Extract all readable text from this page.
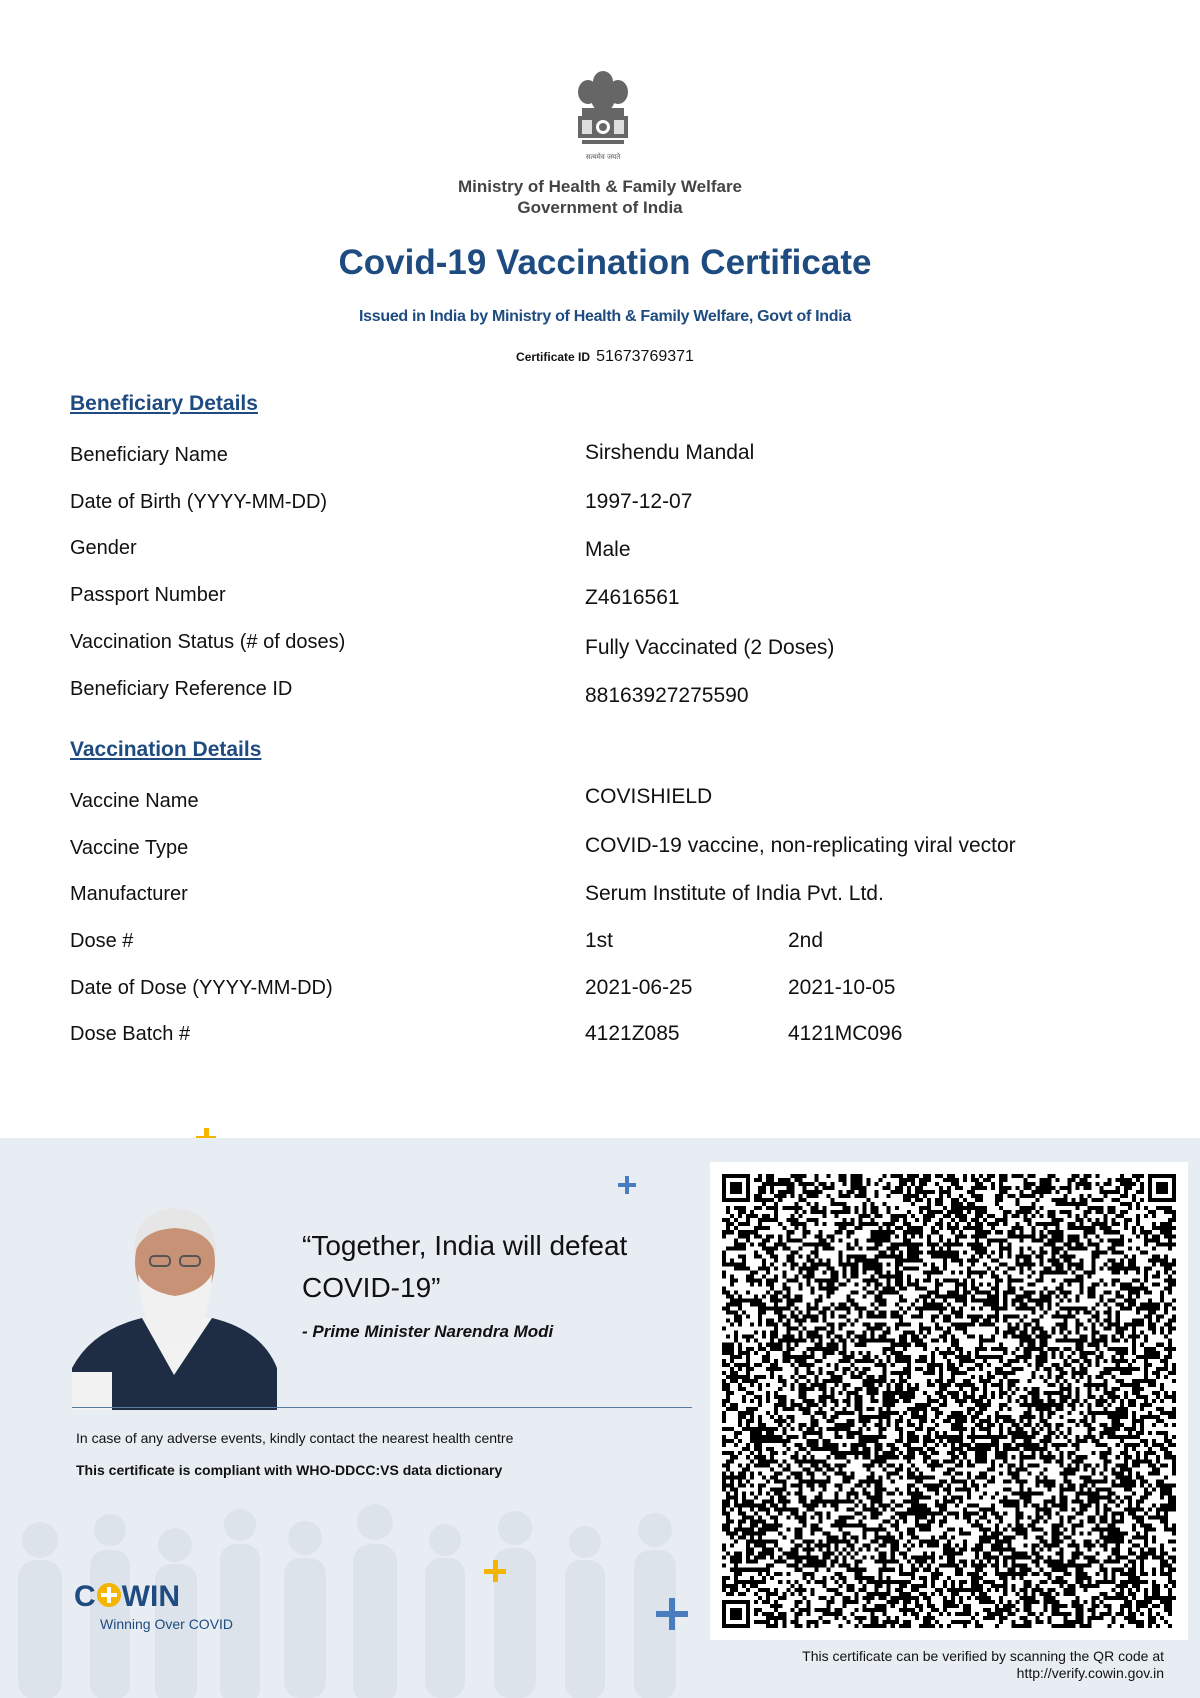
सत्यमेव जयते
Ministry of Health & Family Welfare
Government of India
Covid-19 Vaccination Certificate
Issued in India by Ministry of Health & Family Welfare, Govt of India
Certificate ID 51673769371
Beneficiary Details
Beneficiary Name	Sirshendu Mandal
Date of Birth (YYYY-MM-DD)	1997-12-07
Gender	Male
Passport Number	Z4616561
Vaccination Status (# of doses)	Fully Vaccinated (2 Doses)
Beneficiary Reference ID	88163927275590
Vaccination Details
Vaccine Name	COVISHIELD
Vaccine Type	COVID-19 vaccine, non-replicating viral vector
Manufacturer	Serum Institute of India Pvt. Ltd.
Dose #	1st	2nd
Date of Dose (YYYY-MM-DD)	2021-06-25	2021-10-05
Dose Batch #	4121Z085	4121MC096
“Together, India will defeat COVID-19”
- Prime Minister Narendra Modi
In case of any adverse events, kindly contact the nearest health centre
This certificate is compliant with WHO-DDCC:VS data dictionary
C WIN
Winning Over COVID
This certificate can be verified by scanning the QR code at
http://verify.cowin.gov.in
